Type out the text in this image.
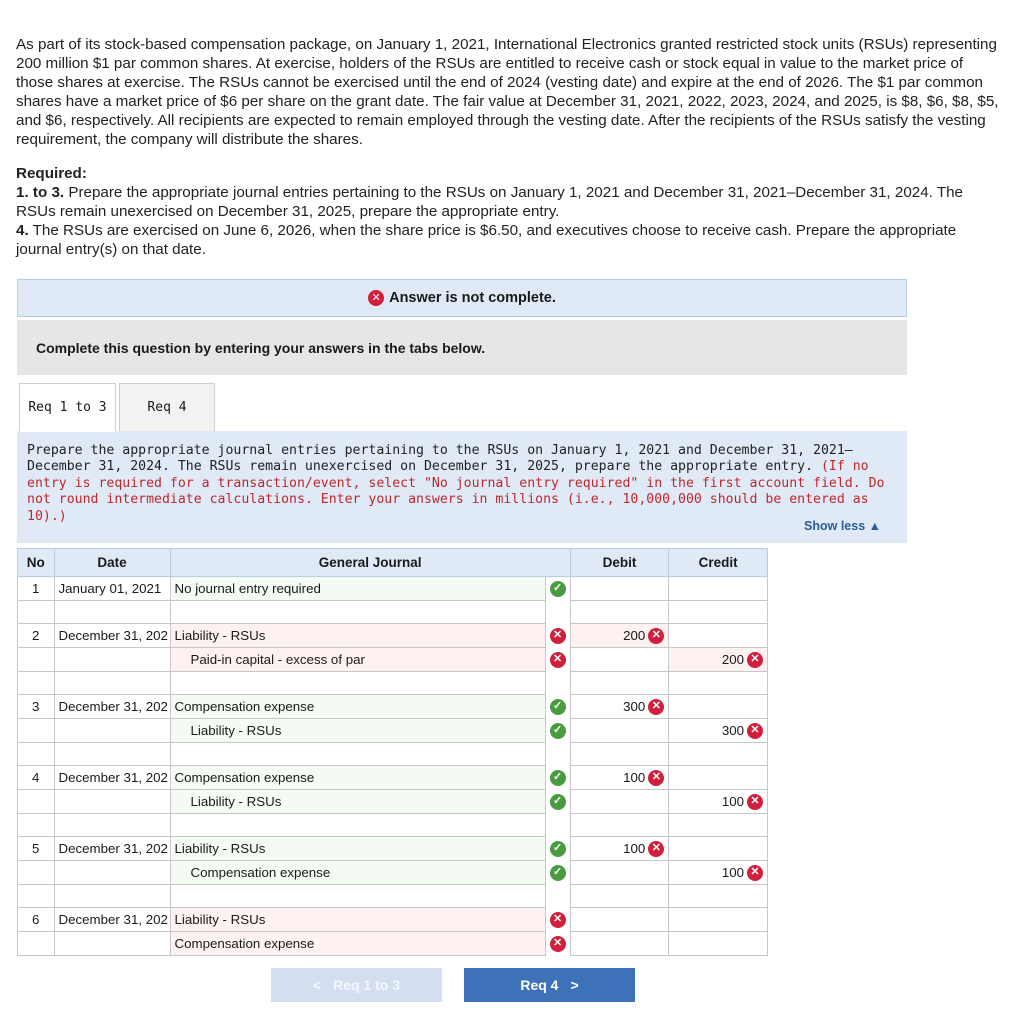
As part of its stock-based compensation package, on January 1, 2021, International Electronics granted restricted stock units (RSUs) representing 200 million $1 par common shares. At exercise, holders of the RSUs are entitled to receive cash or stock equal in value to the market price of those shares at exercise. The RSUs cannot be exercised until the end of 2024 (vesting date) and expire at the end of 2026. The $1 par common shares have a market price of $6 per share on the grant date. The fair value at December 31, 2021, 2022, 2023, 2024, and 2025, is $8, $6, $8, $5, and $6, respectively. All recipients are expected to remain employed through the vesting date. After the recipients of the RSUs satisfy the vesting requirement, the company will distribute the shares.

Required:

1. to 3. Prepare the appropriate journal entries pertaining to the RSUs on January 1, 2021 and December 31, 2021–December 31, 2024. The RSUs remain unexercised on December 31, 2025, prepare the appropriate entry.

4. The RSUs are exercised on June 6, 2026, when the share price is $6.50, and executives choose to receive cash. Prepare the appropriate journal entry(s) on that date.

✕ Answer is not complete.
Complete this question by entering your answers in the tabs below.
Req 1 to 3	Req 4
Prepare the appropriate journal entries pertaining to the RSUs on January 1, 2021 and December 31, 2021–December 31, 2024. The RSUs remain unexercised on December 31, 2025, prepare the appropriate entry. (If no entry is required for a transaction/event, select "No journal entry required" in the first account field. Do not round intermediate calculations. Enter your answers in millions (i.e., 10,000,000 should be entered as 10).)
Show less ▲
No	Date	General Journal		Debit	Credit
1	January 01, 2021	No journal entry required	✓		

2	December 31, 202	Liability - RSUs	✕	200 ✕	

		Paid-in capital - excess of par	✕		200 ✕

3	December 31, 202	Compensation expense	✓	300 ✕	

		Liability - RSUs	✓		300 ✕

4	December 31, 202	Compensation expense	✓	100 ✕	

		Liability - RSUs	✓		100 ✕

5	December 31, 202	Liability - RSUs	✓	100 ✕	

		Compensation expense	✓		100 ✕

6	December 31, 202	Liability - RSUs	✕		
		Compensation expense	✕		
< Req 1 to 3	Req 4 >
